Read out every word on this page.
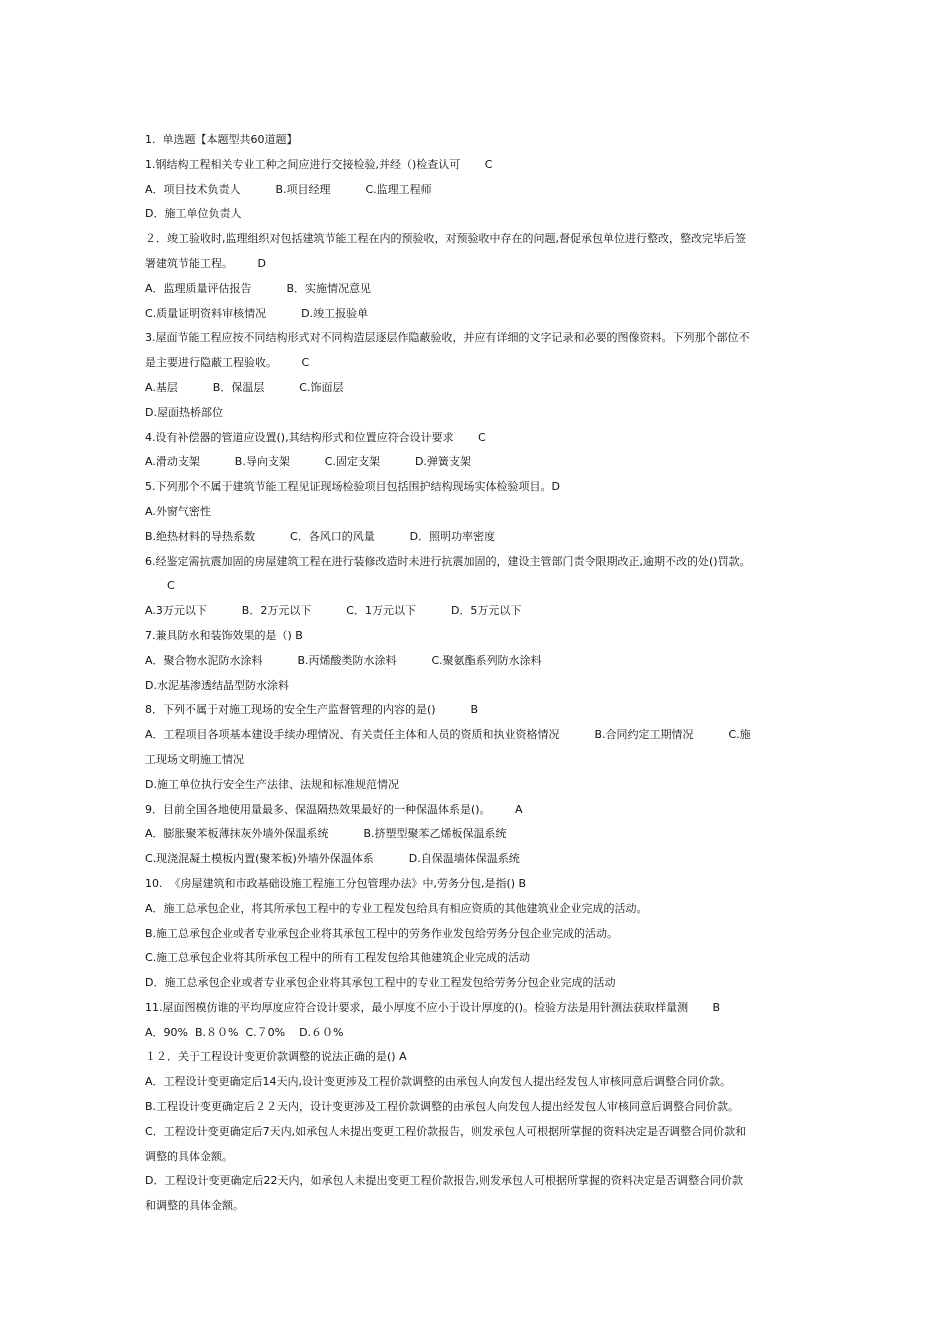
1.  单选题【本题型共60道题】
1.钢结构工程相关专业工种之间应进行交接检验,并经（)检查认可       C
A．项目技术负责人          B.项目经理          C.监理工程师
D．施工单位负责人
２．竣工验收时,监理组织对包括建筑节能工程在内的预验收，对预验收中存在的问题,督促承包单位进行整改，整改完毕后签
署建筑节能工程。       D
A．监理质量评估报告          B．实施情况意见
C.质量证明资料审核情况          D.竣工报验单
3.屋面节能工程应按不同结构形式对不同构造层逐层作隐蔽验收，并应有详细的文字记录和必要的图像资料。下列那个部位不
是主要进行隐蔽工程验收。       C
A.基层          B．保温层          C.饰面层
D.屋面热桥部位
4.设有补偿器的管道应设置(),其结构形式和位置应符合设计要求       C
A.滑动支架          B.导向支架          C.固定支架          D.弹簧支架
5.下列那个不属于建筑节能工程见证现场检验项目包括围护结构现场实体检验项目。D
A.外窗气密性
B.绝热材料的导热系数          C．各风口的风量          D．照明功率密度
6.经鉴定需抗震加固的房屋建筑工程在进行装修改造时未进行抗震加固的，建设主管部门责令限期改正,逾期不改的处()罚款。
C
A.3万元以下          B．2万元以下          C．1万元以下          D．5万元以下
7.兼具防水和装饰效果的是（) B
A．聚合物水泥防水涂料          B.丙烯酸类防水涂料          C.聚氨酯系列防水涂料
D.水泥基渗透结晶型防水涂料
8．下列不属于对施工现场的安全生产监督管理的内容的是()          B
A．工程项目各项基本建设手续办理情况、有关责任主体和人员的资质和执业资格情况          B.合同约定工期情况          C.施
工现场文明施工情况
D.施工单位执行安全生产法律、法规和标准规范情况
9．目前全国各地使用量最多、保温隔热效果最好的一种保温体系是()。       A
A．膨胀聚苯板薄抹灰外墙外保温系统          B.挤塑型聚苯乙烯板保温系统
C.现浇混凝土模板内置(聚苯板)外墙外保温体系          D.自保温墙体保温系统
10.  《房屋建筑和市政基础设施工程施工分包管理办法》中,劳务分包,是指() B
A．施工总承包企业，将其所承包工程中的专业工程发包给具有相应资质的其他建筑业企业完成的活动。
B.施工总承包企业或者专业承包企业将其承包工程中的劳务作业发包给劳务分包企业完成的活动。
C.施工总承包企业将其所承包工程中的所有工程发包给其他建筑企业完成的活动
D．施工总承包企业或者专业承包企业将其承包工程中的专业工程发包给劳务分包企业完成的活动
11.屋面图模仿谁的平均厚度应符合设计要求，最小厚度不应小于设计厚度的()。检验方法是用针测法获取样量测       B
A．90%  B.８０%  C.７0%    D.６０%
１２．关于工程设计变更价款调整的说法正确的是() A
A．工程设计变更确定后14天内,设计变更涉及工程价款调整的由承包人向发包人提出经发包人审核同意后调整合同价款。
B.工程设计变更确定后２２天内，设计变更涉及工程价款调整的由承包人向发包人提出经发包人审核同意后调整合同价款。
C．工程设计变更确定后7天内,如承包人未提出变更工程价款报告，则发承包人可根据所掌握的资料决定是否调整合同价款和
调整的具体金额。
D．工程设计变更确定后22天内，如承包人未提出变更工程价款报告,则发承包人可根据所掌握的资料决定是否调整合同价款
和调整的具体金额。
